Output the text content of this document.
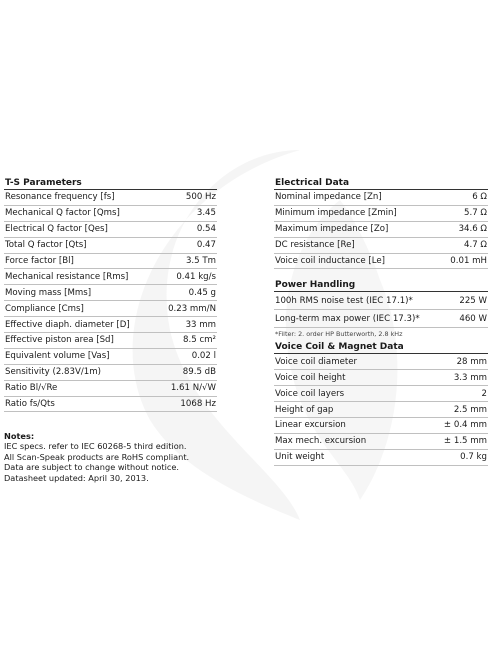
T-S Parameters
Resonance frequency [fs]	500 Hz
Mechanical Q factor [Qms]	3.45
Electrical Q factor [Qes]	0.54
Total Q factor [Qts]	0.47
Force factor [Bl]	3.5 Tm
Mechanical resistance [Rms]	0.41 kg/s
Moving mass [Mms]	0.45 g
Compliance [Cms]	0.23 mm/N
Effective diaph. diameter [D]	33 mm
Effective piston area [Sd]	8.5 cm²
Equivalent volume [Vas]	0.02 l
Sensitivity (2.83V/1m)	89.5 dB
Ratio Bl/√Re	1.61 N/√W
Ratio fs/Qts	1068 Hz
Electrical Data
Nominal impedance [Zn]	6 Ω
Minimum impedance [Zmin]	5.7 Ω
Maximum impedance [Zo]	34.6 Ω
DC resistance [Re]	4.7 Ω
Voice coil inductance [Le]	0.01 mH
Power Handling
100h RMS noise test (IEC 17.1)*	225 W
Long-term max power (IEC 17.3)*	460 W
*Filter: 2. order HP Butterworth, 2.8 kHz
Voice Coil & Magnet Data
Voice coil diameter	28 mm
Voice coil height	3.3 mm
Voice coil layers	2
Height of gap	2.5 mm
Linear excursion	± 0.4 mm
Max mech. excursion	± 1.5 mm
Unit weight	0.7 kg
Notes:
IEC specs. refer to IEC 60268-5 third edition.
All Scan-Speak products are RoHS compliant.
Data are subject to change without notice.
Datasheet updated: April 30, 2013.
